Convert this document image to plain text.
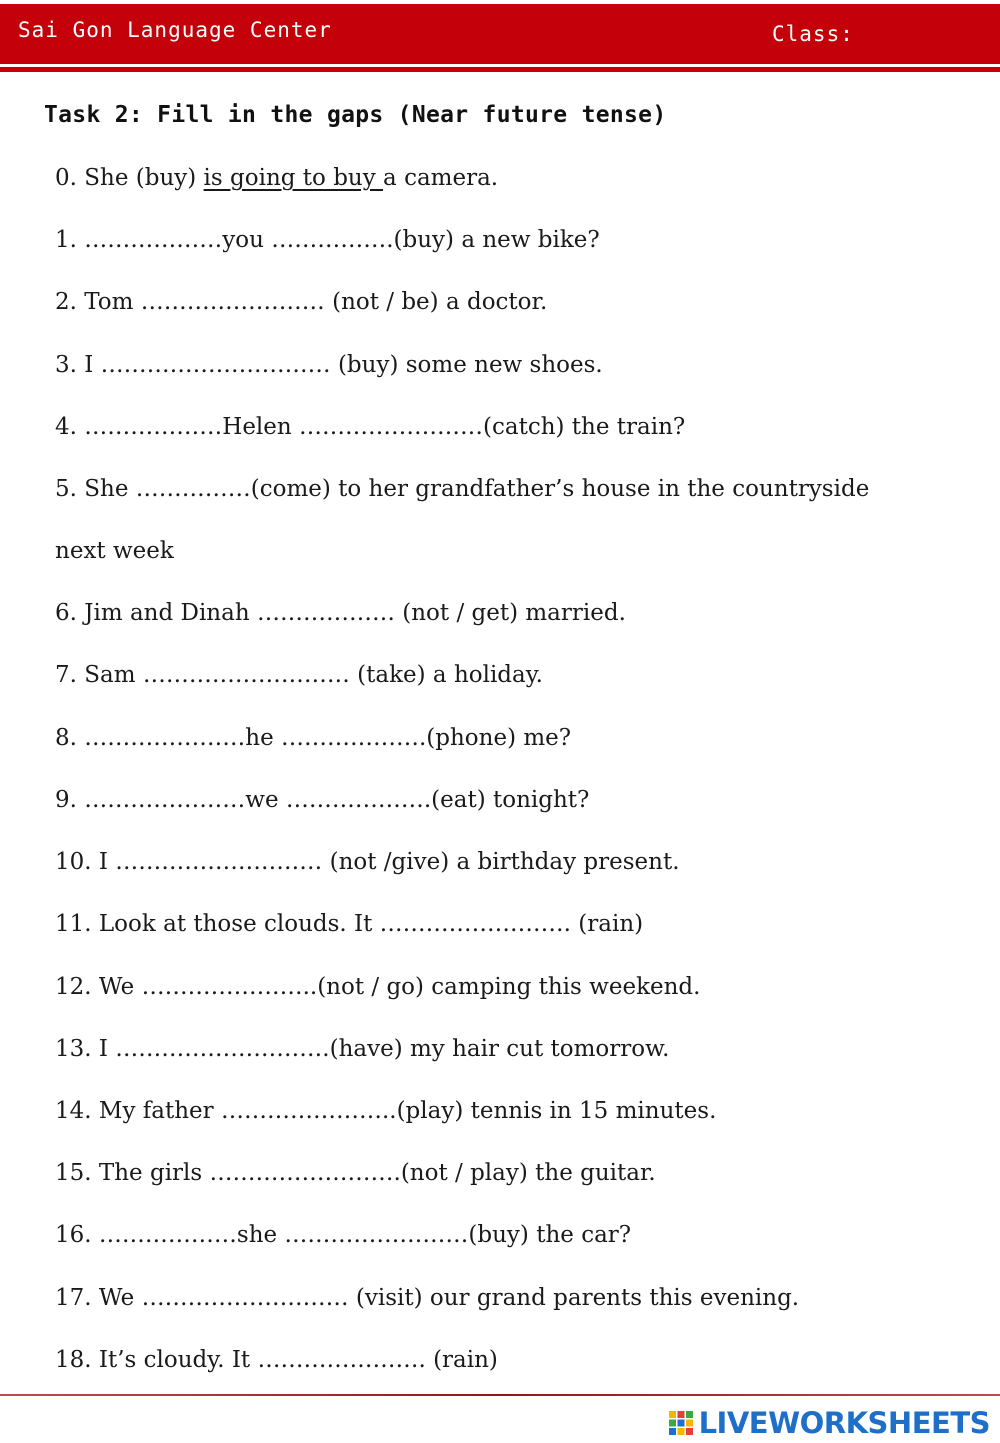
Sai Gon Language Center	Class:
Task 2: Fill in the gaps (Near future tense)
0. She (buy) is going to buy a camera.
1. ………………you …………….(buy) a new bike?
2. Tom …………………… (not / be) a doctor.
3. I ………………………… (buy) some new shoes.
4. ………………Helen ……………………(catch) the train?
5. She ……………(come) to her grandfather’s house in the countryside
next week
6. Jim and Dinah ……………… (not / get) married.
7. Sam ……………………… (take) a holiday.
8. …………………he ……………….(phone) me?
9. …………………we ……………….(eat) tonight?
10. I ……………………… (not /give) a birthday present.
11. Look at those clouds. It ……………………. (rain)
12. We …………………..(not / go) camping this weekend.
13. I ……………………….(have) my hair cut tomorrow.
14. My father …………………..(play) tennis in 15 minutes.
15. The girls …………………….(not / play) the guitar.
16. ………………she ……………………(buy) the car?
17. We ……………………… (visit) our grand parents this evening.
18. It’s cloudy. It …………………. (rain)
LIVEWORKSHEETS
